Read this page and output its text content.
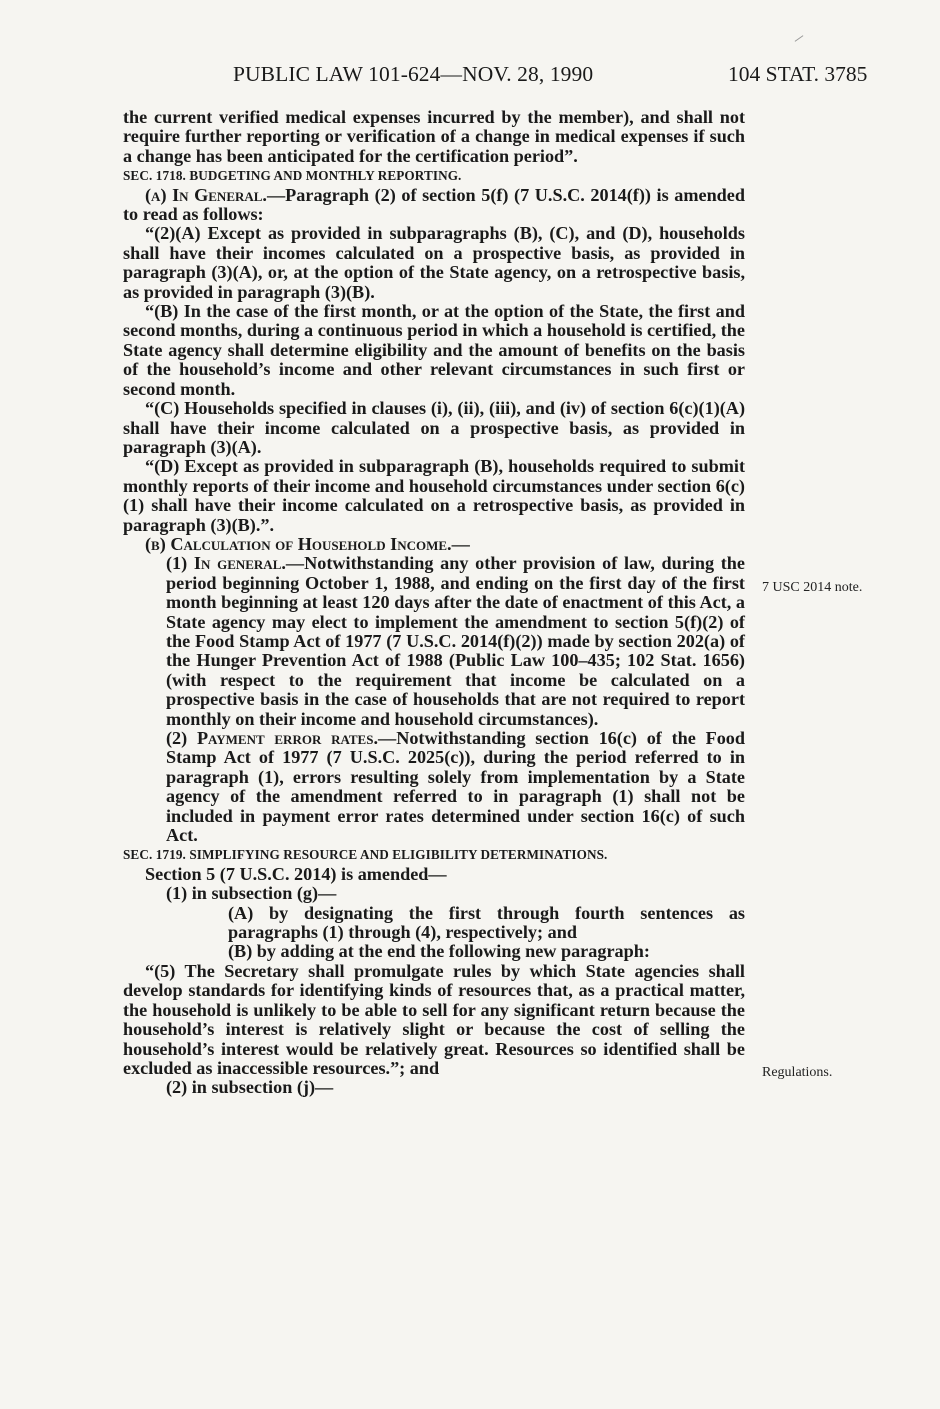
PUBLIC LAW 101-624—NOV. 28, 1990	104 STAT. 3785

the current verified medical expenses incurred by the member), and shall not require further reporting or verification of a change in medical expenses if such a change has been anticipated for the certification period”.

SEC. 1718. BUDGETING AND MONTHLY REPORTING.

(a) In General.—Paragraph (2) of section 5(f) (7 U.S.C. 2014(f)) is amended to read as follows:

“(2)(A) Except as provided in subparagraphs (B), (C), and (D), households shall have their incomes calculated on a prospective basis, as provided in paragraph (3)(A), or, at the option of the State agency, on a retrospective basis, as provided in paragraph (3)(B).

“(B) In the case of the first month, or at the option of the State, the first and second months, during a continuous period in which a household is certified, the State agency shall determine eligibility and the amount of benefits on the basis of the household’s income and other relevant circumstances in such first or second month.

“(C) Households specified in clauses (i), (ii), (iii), and (iv) of section 6(c)(1)(A) shall have their income calculated on a prospective basis, as provided in paragraph (3)(A).

“(D) Except as provided in subparagraph (B), households required to submit monthly reports of their income and household circumstances under section 6(c)(1) shall have their income calculated on a retrospective basis, as provided in paragraph (3)(B).”.

(b) Calculation of Household Income.—

(1) In general.—Notwithstanding any other provision of law, during the period beginning October 1, 1988, and ending on the first day of the first month beginning at least 120 days after the date of enactment of this Act, a State agency may elect to implement the amendment to section 5(f)(2) of the Food Stamp Act of 1977 (7 U.S.C. 2014(f)(2)) made by section 202(a) of the Hunger Prevention Act of 1988 (Public Law 100–435; 102 Stat. 1656) (with respect to the requirement that income be calculated on a prospective basis in the case of households that are not required to report monthly on their income and household circumstances).

(2) Payment error rates.—Notwithstanding section 16(c) of the Food Stamp Act of 1977 (7 U.S.C. 2025(c)), during the period referred to in paragraph (1), errors resulting solely from implementation by a State agency of the amendment referred to in paragraph (1) shall not be included in payment error rates determined under section 16(c) of such Act.

SEC. 1719. SIMPLIFYING RESOURCE AND ELIGIBILITY DETERMINATIONS.

Section 5 (7 U.S.C. 2014) is amended—

(1) in subsection (g)—

(A) by designating the first through fourth sentences as paragraphs (1) through (4), respectively; and

(B) by adding at the end the following new paragraph:

“(5) The Secretary shall promulgate rules by which State agencies shall develop standards for identifying kinds of resources that, as a practical matter, the household is unlikely to be able to sell for any significant return because the household’s interest is relatively slight or because the cost of selling the household’s interest would be relatively great. Resources so identified shall be excluded as inaccessible resources.”; and

(2) in subsection (j)—

7 USC 2014 note.
Regulations.
